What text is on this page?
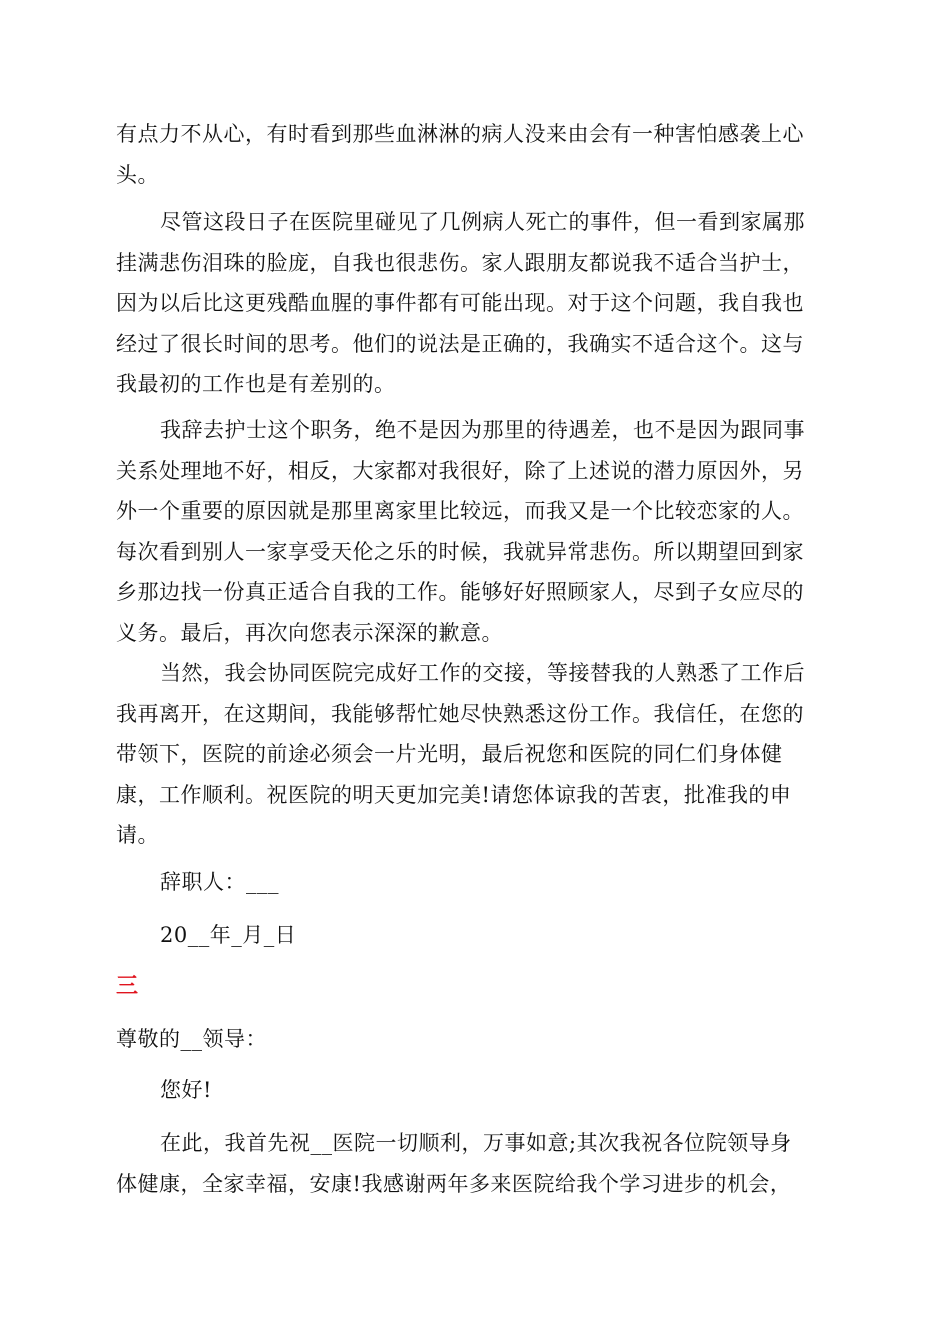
有点力不从心，有时看到那些血淋淋的病人没来由会有一种害怕感袭上心
头。
尽管这段日子在医院里碰见了几例病人死亡的事件，但一看到家属那
挂满悲伤泪珠的脸庞，自我也很悲伤。家人跟朋友都说我不适合当护士，
因为以后比这更残酷血腥的事件都有可能出现。对于这个问题，我自我也
经过了很长时间的思考。他们的说法是正确的，我确实不适合这个。这与
我最初的工作也是有差别的。
我辞去护士这个职务，绝不是因为那里的待遇差，也不是因为跟同事
关系处理地不好，相反，大家都对我很好，除了上述说的潜力原因外，另
外一个重要的原因就是那里离家里比较远，而我又是一个比较恋家的人。
每次看到别人一家享受天伦之乐的时候，我就异常悲伤。所以期望回到家
乡那边找一份真正适合自我的工作。能够好好照顾家人，尽到子女应尽的
义务。最后，再次向您表示深深的歉意。
当然，我会协同医院完成好工作的交接，等接替我的人熟悉了工作后
我再离开，在这期间，我能够帮忙她尽快熟悉这份工作。我信任，在您的
带领下，医院的前途必须会一片光明，最后祝您和医院的同仁们身体健
康，工作顺利。祝医院的明天更加完美!请您体谅我的苦衷，批准我的申
请。

辞职人：___

20__年_月_日

三

尊敬的__领导：

您好!

在此，我首先祝__医院一切顺利，万事如意;其次我祝各位院领导身
体健康，全家幸福，安康!我感谢两年多来医院给我个学习进步的机会，
